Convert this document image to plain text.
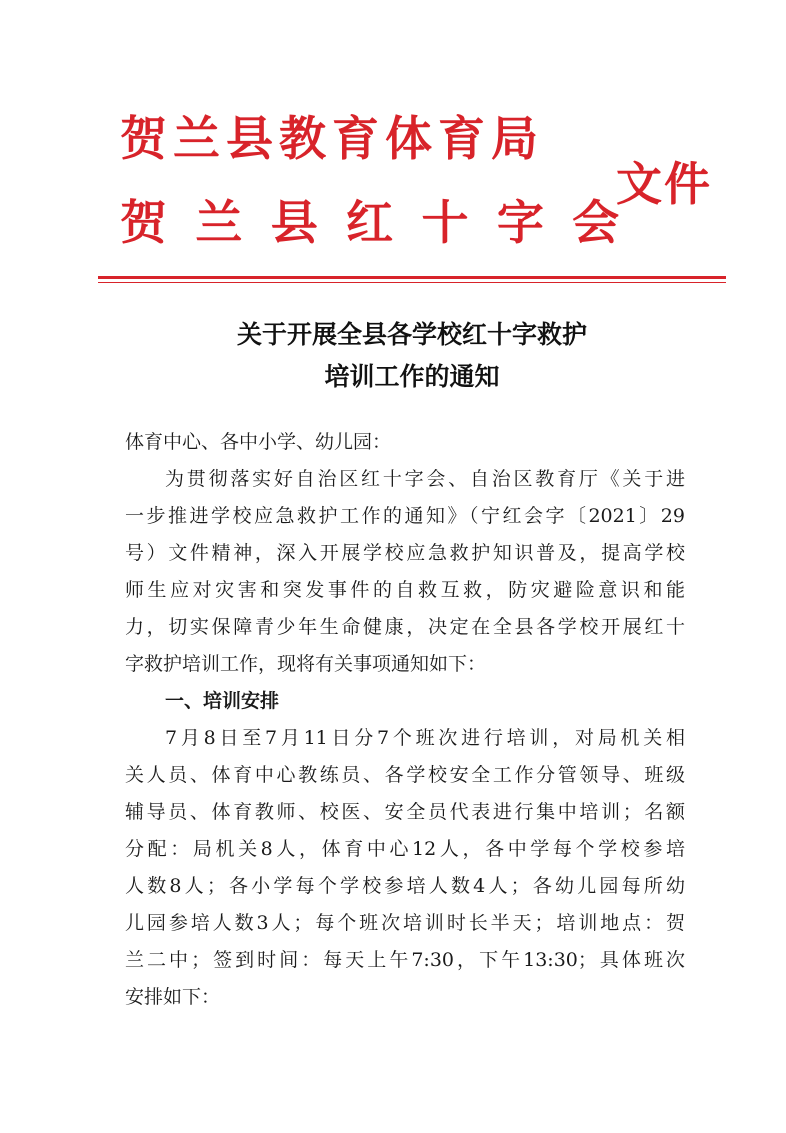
贺兰县教育体育局
贺 兰 县 红 十 字 会
文件
关于开展全县各学校红十字救护
培训工作的通知
体育中心、各中小学、幼儿园：
为贯彻落实好自治区红十字会、自治区教育厅《关于进
一步推进学校应急救护工作的通知》（宁红会字〔2021〕29
号）文件精神，深入开展学校应急救护知识普及，提高学校
师生应对灾害和突发事件的自救互救，防灾避险意识和能
力，切实保障青少年生命健康，决定在全县各学校开展红十
字救护培训工作，现将有关事项通知如下：
一、培训安排
7月8日至7月11日分7个班次进行培训，对局机关相
关人员、体育中心教练员、各学校安全工作分管领导、班级
辅导员、体育教师、校医、安全员代表进行集中培训；名额
分配：局机关8人，体育中心12人，各中学每个学校参培
人数8人；各小学每个学校参培人数4人；各幼儿园每所幼
儿园参培人数3人；每个班次培训时长半天；培训地点：贺
兰二中；签到时间：每天上午7:30，下午13:30；具体班次
安排如下：
